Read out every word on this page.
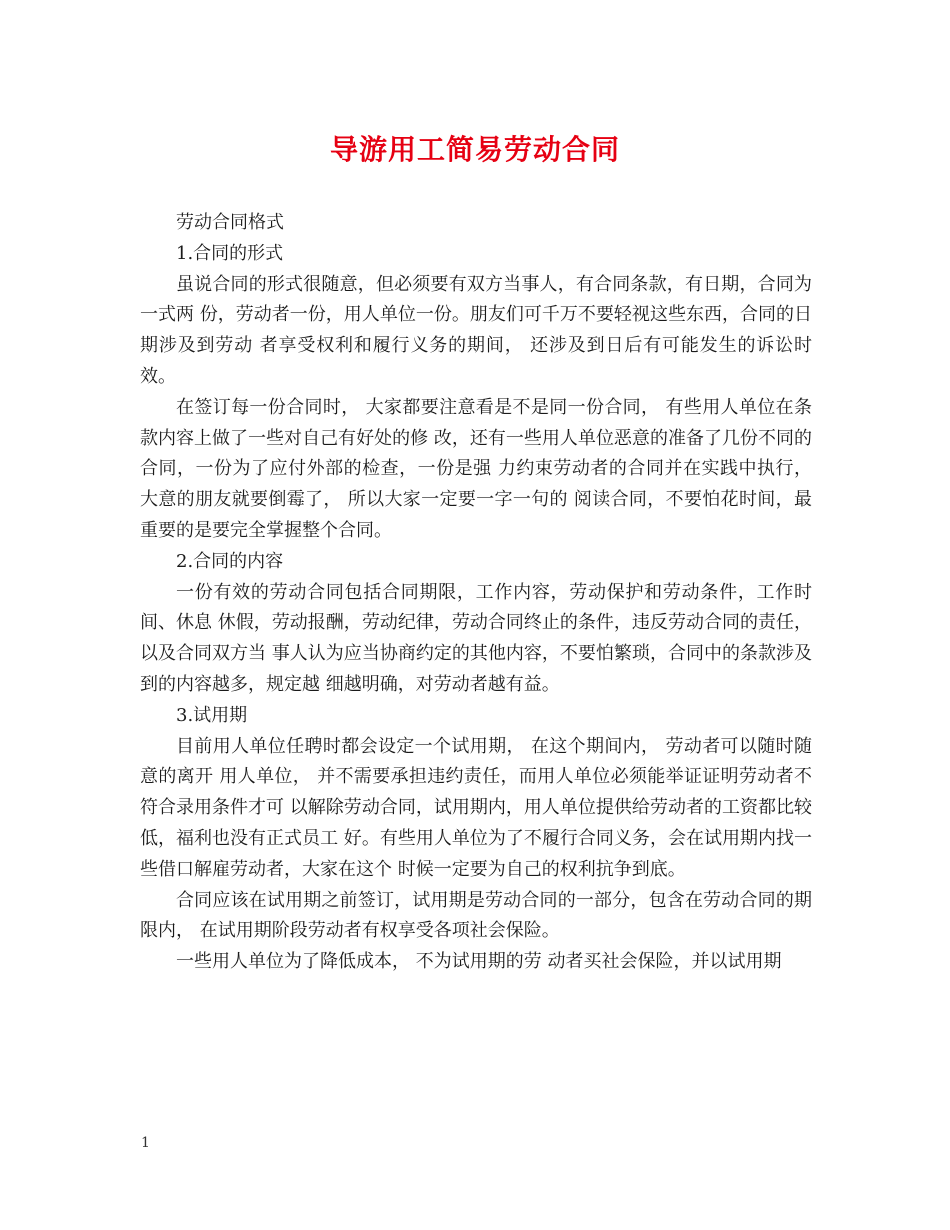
导游用工简易劳动合同

劳动合同格式

1.合同的形式

虽说合同的形式很随意，但必须要有双方当事人，有合同条款，有日期，合同为一式两 份，劳动者一份，用人单位一份。朋友们可千万不要轻视这些东西，合同的日期涉及到劳动 者享受权利和履行义务的期间， 还涉及到日后有可能发生的诉讼时效。

在签订每一份合同时， 大家都要注意看是不是同一份合同， 有些用人单位在条款内容上做了一些对自己有好处的修 改，还有一些用人单位恶意的准备了几份不同的合同，一份为了应付外部的检查，一份是强 力约束劳动者的合同并在实践中执行， 大意的朋友就要倒霉了， 所以大家一定要一字一句的 阅读合同，不要怕花时间，最重要的是要完全掌握整个合同。

2.合同的内容

一份有效的劳动合同包括合同期限，工作内容，劳动保护和劳动条件，工作时间、休息 休假，劳动报酬，劳动纪律，劳动合同终止的条件，违反劳动合同的责任，以及合同双方当 事人认为应当协商约定的其他内容，不要怕繁琐，合同中的条款涉及到的内容越多，规定越 细越明确，对劳动者越有益。

3.试用期

目前用人单位任聘时都会设定一个试用期， 在这个期间内， 劳动者可以随时随意的离开 用人单位， 并不需要承担违约责任，而用人单位必须能举证证明劳动者不符合录用条件才可 以解除劳动合同，试用期内，用人单位提供给劳动者的工资都比较低，福利也没有正式员工 好。有些用人单位为了不履行合同义务，会在试用期内找一些借口解雇劳动者，大家在这个 时候一定要为自己的权利抗争到底。

合同应该在试用期之前签订，试用期是劳动合同的一部分，包含在劳动合同的期限内， 在试用期阶段劳动者有权享受各项社会保险。

一些用人单位为了降低成本， 不为试用期的劳 动者买社会保险，并以试用期

1
